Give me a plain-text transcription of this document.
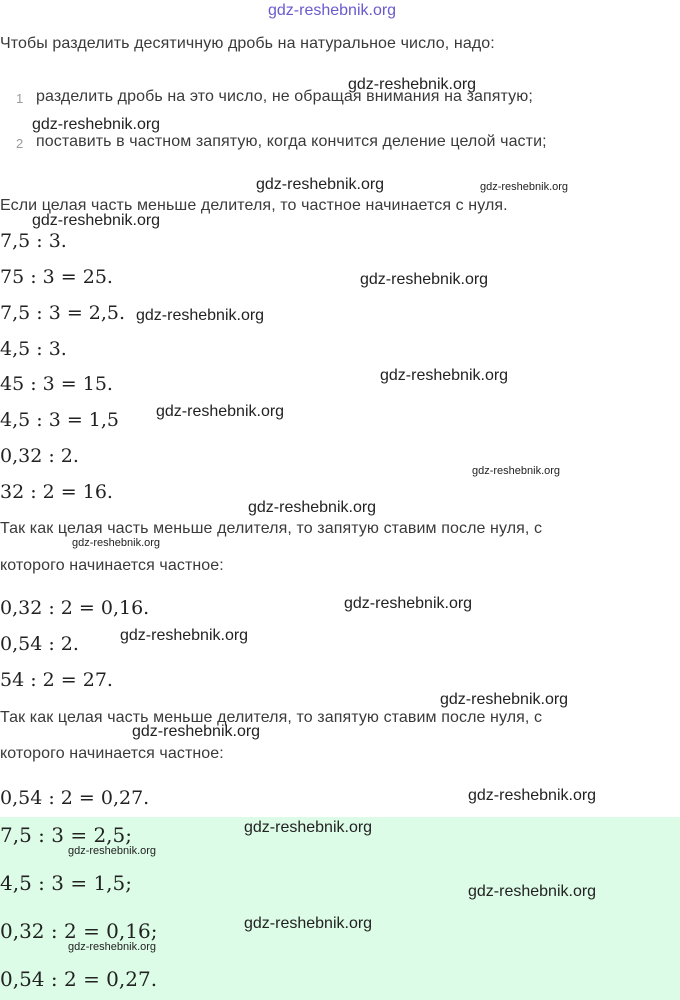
gdz-reshebnik.org
Чтобы разделить десятичную дробь на натуральное число, надо:
1 разделить дробь на это число, не обращая внимания на запятую;
2 поставить в частном запятую, когда кончится деление целой части;
Если целая часть меньше делителя, то частное начинается с нуля.
7,5 : 3.
75 : 3 = 25.
7,5 : 3 = 2,5.
4,5 : 3.
45 : 3 = 15.
4,5 : 3 = 1,5
0,32 : 2.
32 : 2 = 16.
Так как целая часть меньше делителя, то запятую ставим после нуля, с
которого начинается частное:
0,32 : 2 = 0,16.
0,54 : 2.
54 : 2 = 27.
Так как целая часть меньше делителя, то запятую ставим после нуля, с
которого начинается частное:
0,54 : 2 = 0,27.
7,5 : 3 = 2,5;
4,5 : 3 = 1,5;
0,32 : 2 = 0,16;
0,54 : 2 = 0,27.
gdz-reshebnik.org
gdz-reshebnik.org
gdz-reshebnik.org	gdz-reshebnik.org
gdz-reshebnik.org
gdz-reshebnik.org
gdz-reshebnik.org
gdz-reshebnik.org
gdz-reshebnik.org
gdz-reshebnik.org
gdz-reshebnik.org
gdz-reshebnik.org
gdz-reshebnik.org
gdz-reshebnik.org
gdz-reshebnik.org
gdz-reshebnik.org
gdz-reshebnik.org
gdz-reshebnik.org
gdz-reshebnik.org
gdz-reshebnik.org
gdz-reshebnik.org
gdz-reshebnik.org
